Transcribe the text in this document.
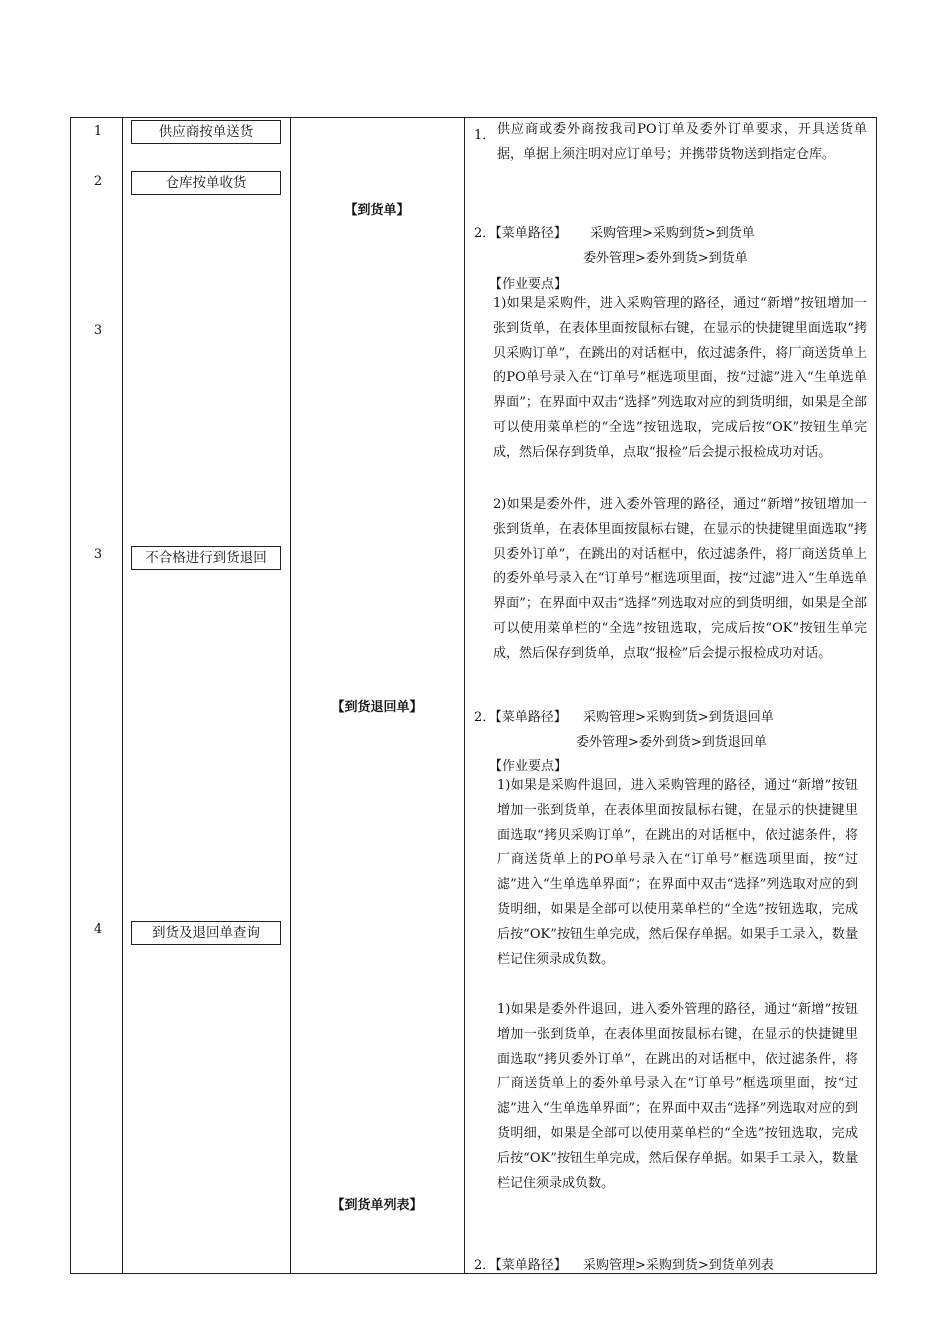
1
2
3
3
4
供应商按单送货
仓库按单收货
不合格进行到货退回
到货及退回单查询
【到货单】
【到货退回单】
【到货单列表】
1． 供应商或委外商按我司PO订单及委外订单要求，开具送货单据，单据上须注明对应订单号；并携带货物送到指定仓库。
2．【菜单路径】 采购管理>采购到货>到货单
委外管理>委外到货>到货单
【作业要点】
1)如果是采购件，进入采购管理的路径，通过“新增”按钮增加一张到货单，在表体里面按鼠标右键，在显示的快捷键里面选取“拷贝采购订单”，在跳出的对话框中，依过滤条件，将厂商送货单上的PO单号录入在“订单号”框选项里面，按“过滤”进入“生单选单界面”；在界面中双击“选择”列选取对应的到货明细，如果是全部可以使用菜单栏的“全选”按钮选取，完成后按“OK”按钮生单完成，然后保存到货单，点取“报检”后会提示报检成功对话。
2)如果是委外件，进入委外管理的路径，通过“新增”按钮增加一张到货单，在表体里面按鼠标右键，在显示的快捷键里面选取“拷贝委外订单”，在跳出的对话框中，依过滤条件，将厂商送货单上的委外单号录入在“订单号”框选项里面，按“过滤”进入“生单选单界面”；在界面中双击“选择”列选取对应的到货明细，如果是全部可以使用菜单栏的“全选”按钮选取，完成后按“OK”按钮生单完成，然后保存到货单，点取“报检”后会提示报检成功对话。
2．【菜单路径】 采购管理>采购到货>到货退回单
委外管理>委外到货>到货退回单
【作业要点】
1)如果是采购件退回，进入采购管理的路径，通过“新增”按钮增加一张到货单，在表体里面按鼠标右键，在显示的快捷键里面选取“拷贝采购订单”，在跳出的对话框中，依过滤条件，将厂商送货单上的PO单号录入在“订单号”框选项里面，按“过滤”进入“生单选单界面”；在界面中双击“选择”列选取对应的到货明细，如果是全部可以使用菜单栏的“全选”按钮选取，完成后按“OK”按钮生单完成，然后保存单据。如果手工录入，数量栏记住须录成负数。
1)如果是委外件退回，进入委外管理的路径，通过“新增”按钮增加一张到货单，在表体里面按鼠标右键，在显示的快捷键里面选取“拷贝委外订单”，在跳出的对话框中，依过滤条件，将厂商送货单上的委外单号录入在“订单号”框选项里面，按“过滤”进入“生单选单界面”；在界面中双击“选择”列选取对应的到货明细，如果是全部可以使用菜单栏的“全选”按钮选取，完成后按“OK”按钮生单完成，然后保存单据。如果手工录入，数量栏记住须录成负数。
2．【菜单路径】 采购管理>采购到货>到货单列表
